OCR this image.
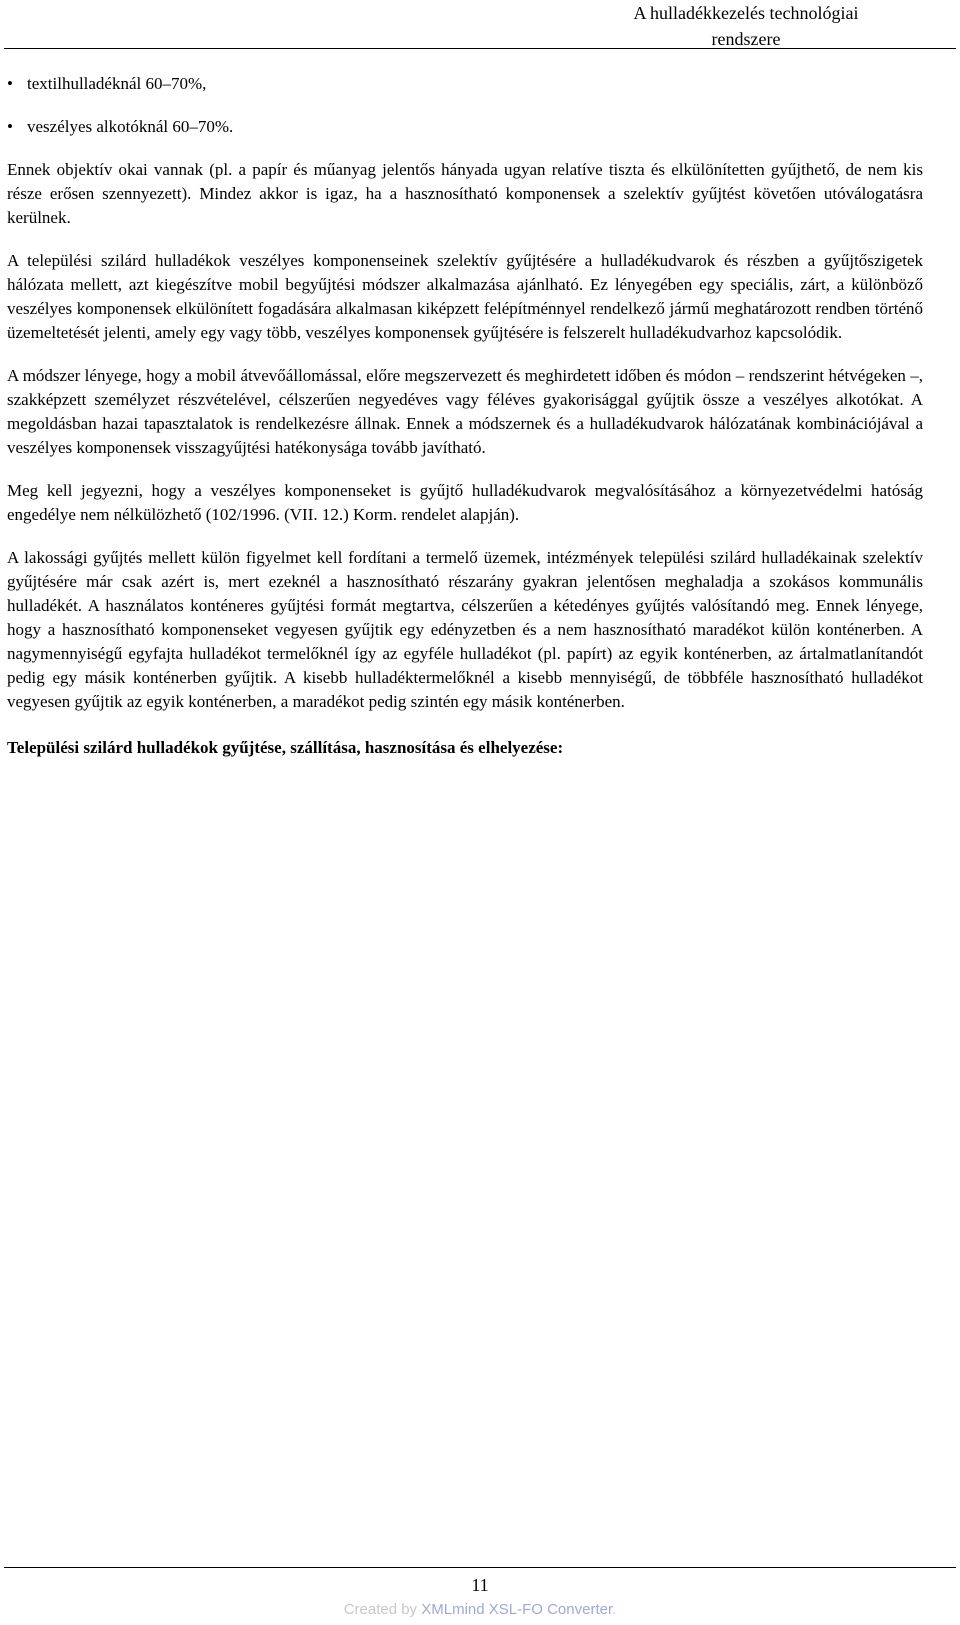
A hulladékkezelés technológiai
rendszere
• textilhulladéknál 60–70%,
• veszélyes alkotóknál 60–70%.

Ennek objektív okai vannak (pl. a papír és műanyag jelentős hányada ugyan relatíve tiszta és elkülönítetten gyűjthető, de nem kis része erősen szennyezett). Mindez akkor is igaz, ha a hasznosítható komponensek a szelektív gyűjtést követően utóválogatásra kerülnek.

A települési szilárd hulladékok veszélyes komponenseinek szelektív gyűjtésére a hulladékudvarok és részben a gyűjtőszigetek hálózata mellett, azt kiegészítve mobil begyűjtési módszer alkalmazása ajánlható. Ez lényegében egy speciális, zárt, a különböző veszélyes komponensek elkülönített fogadására alkalmasan kiképzett felépítménnyel rendelkező jármű meghatározott rendben történő üzemeltetését jelenti, amely egy vagy több, veszélyes komponensek gyűjtésére is felszerelt hulladékudvarhoz kapcsolódik.

A módszer lényege, hogy a mobil átvevőállomással, előre megszervezett és meghirdetett időben és módon – rendszerint hétvégeken –, szakképzett személyzet részvételével, célszerűen negyedéves vagy féléves gyakorisággal gyűjtik össze a veszélyes alkotókat. A megoldásban hazai tapasztalatok is rendelkezésre állnak. Ennek a módszernek és a hulladékudvarok hálózatának kombinációjával a veszélyes komponensek visszagyűjtési hatékonysága tovább javítható.

Meg kell jegyezni, hogy a veszélyes komponenseket is gyűjtő hulladékudvarok megvalósításához a környezetvédelmi hatóság engedélye nem nélkülözhető (102/1996. (VII. 12.) Korm. rendelet alapján).

A lakossági gyűjtés mellett külön figyelmet kell fordítani a termelő üzemek, intézmények települési szilárd hulladékainak szelektív gyűjtésére már csak azért is, mert ezeknél a hasznosítható részarány gyakran jelentősen meghaladja a szokásos kommunális hulladékét. A használatos konténeres gyűjtési formát megtartva, célszerűen a kétedényes gyűjtés valósítandó meg. Ennek lényege, hogy a hasznosítható komponenseket vegyesen gyűjtik egy edényzetben és a nem hasznosítható maradékot külön konténerben. A nagymennyiségű egyfajta hulladékot termelőknél így az egyféle hulladékot (pl. papírt) az egyik konténerben, az ártalmatlanítandót pedig egy másik konténerben gyűjtik. A kisebb hulladéktermelőknél a kisebb mennyiségű, de többféle hasznosítható hulladékot vegyesen gyűjtik az egyik konténerben, a maradékot pedig szintén egy másik konténerben.

Települési szilárd hulladékok gyűjtése, szállítása, hasznosítása és elhelyezése:

11
Created by XMLmind XSL-FO Converter.
